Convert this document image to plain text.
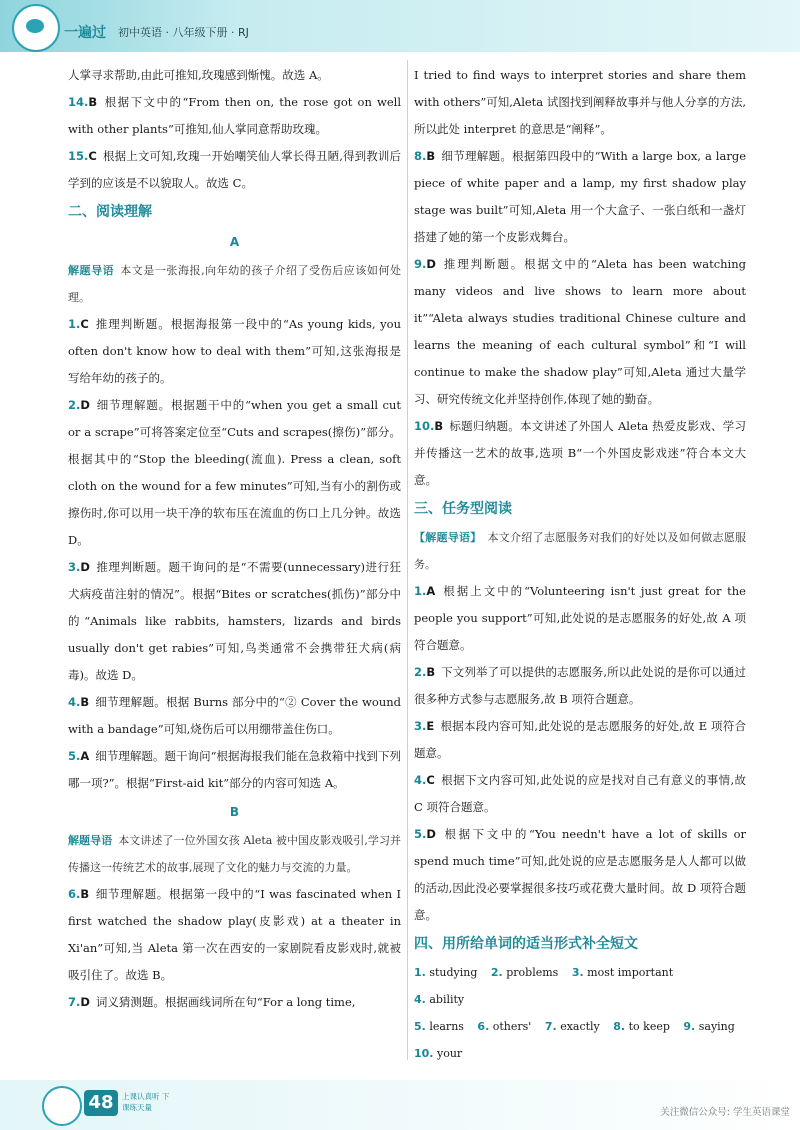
一遍过 初中英语 · 八年级下册 · RJ

人掌寻求帮助,由此可推知,玫瑰感到惭愧。故选 A。

14.B 根据下文中的“From then on, the rose got on well with other plants”可推知,仙人掌同意帮助玫瑰。

15.C 根据上文可知,玫瑰一开始嘲笑仙人掌长得丑陋,得到教训后学到的应该是不以貌取人。故选 C。

二、阅读理解

A

解题导语 本文是一张海报,向年幼的孩子介绍了受伤后应该如何处理。

1.C 推理判断题。根据海报第一段中的“As young kids, you often don't know how to deal with them”可知,这张海报是写给年幼的孩子的。

2.D 细节理解题。根据题干中的“when you get a small cut or a scrape”可将答案定位至“Cuts and scrapes(擦伤)”部分。根据其中的“Stop the bleeding(流血). Press a clean, soft cloth on the wound for a few minutes”可知,当有小的割伤或擦伤时,你可以用一块干净的软布压在流血的伤口上几分钟。故选 D。

3.D 推理判断题。题干询问的是“不需要(unnecessary)进行狂犬病疫苗注射的情况”。根据“Bites or scratches(抓伤)”部分中的“Animals like rabbits, hamsters, lizards and birds usually don't get rabies”可知,鸟类通常不会携带狂犬病(病毒)。故选 D。

4.B 细节理解题。根据 Burns 部分中的“② Cover the wound with a bandage”可知,烧伤后可以用绷带盖住伤口。

5.A 细节理解题。题干询问“根据海报我们能在急救箱中找到下列哪一项?”。根据“First-aid kit”部分的内容可知选 A。

B

解题导语 本文讲述了一位外国女孩 Aleta 被中国皮影戏吸引,学习并传播这一传统艺术的故事,展现了文化的魅力与交流的力量。

6.B 细节理解题。根据第一段中的“I was fascinated when I first watched the shadow play(皮影戏) at a theater in Xi'an”可知,当 Aleta 第一次在西安的一家剧院看皮影戏时,就被吸引住了。故选 B。

7.D 词义猜测题。根据画线词所在句“For a long time,

I tried to find ways to interpret stories and share them with others”可知,Aleta 试图找到阐释故事并与他人分享的方法,所以此处 interpret 的意思是“阐释”。

8.B 细节理解题。根据第四段中的“With a large box, a large piece of white paper and a lamp, my first shadow play stage was built”可知,Aleta 用一个大盒子、一张白纸和一盏灯搭建了她的第一个皮影戏舞台。

9.D 推理判断题。根据文中的“Aleta has been watching many videos and live shows to learn more about it”“Aleta always studies traditional Chinese culture and learns the meaning of each cultural symbol”和“I will continue to make the shadow play”可知,Aleta 通过大量学习、研究传统文化并坚持创作,体现了她的勤奋。

10.B 标题归纳题。本文讲述了外国人 Aleta 热爱皮影戏、学习并传播这一艺术的故事,选项 B“一个外国皮影戏迷”符合本文大意。

三、任务型阅读

【解题导语】 本文介绍了志愿服务对我们的好处以及如何做志愿服务。

1.A 根据上文中的“Volunteering isn't just great for the people you support”可知,此处说的是志愿服务的好处,故 A 项符合题意。

2.B 下文列举了可以提供的志愿服务,所以此处说的是你可以通过很多种方式参与志愿服务,故 B 项符合题意。

3.E 根据本段内容可知,此处说的是志愿服务的好处,故 E 项符合题意。

4.C 根据下文内容可知,此处说的应是找对自己有意义的事情,故 C 项符合题意。

5.D 根据下文中的“You needn't have a lot of skills or spend much time”可知,此处说的应是志愿服务是人人都可以做的活动,因此没必要掌握很多技巧或花费大量时间。故 D 项符合题意。

四、用所给单词的适当形式补全短文

1. studying 2. problems 3. most important 4. ability
5. learns 6. others' 7. exactly 8. to keep 9. saying
10. your

48	上课认真听 下课练天量	关注微信公众号: 学生英语课堂
